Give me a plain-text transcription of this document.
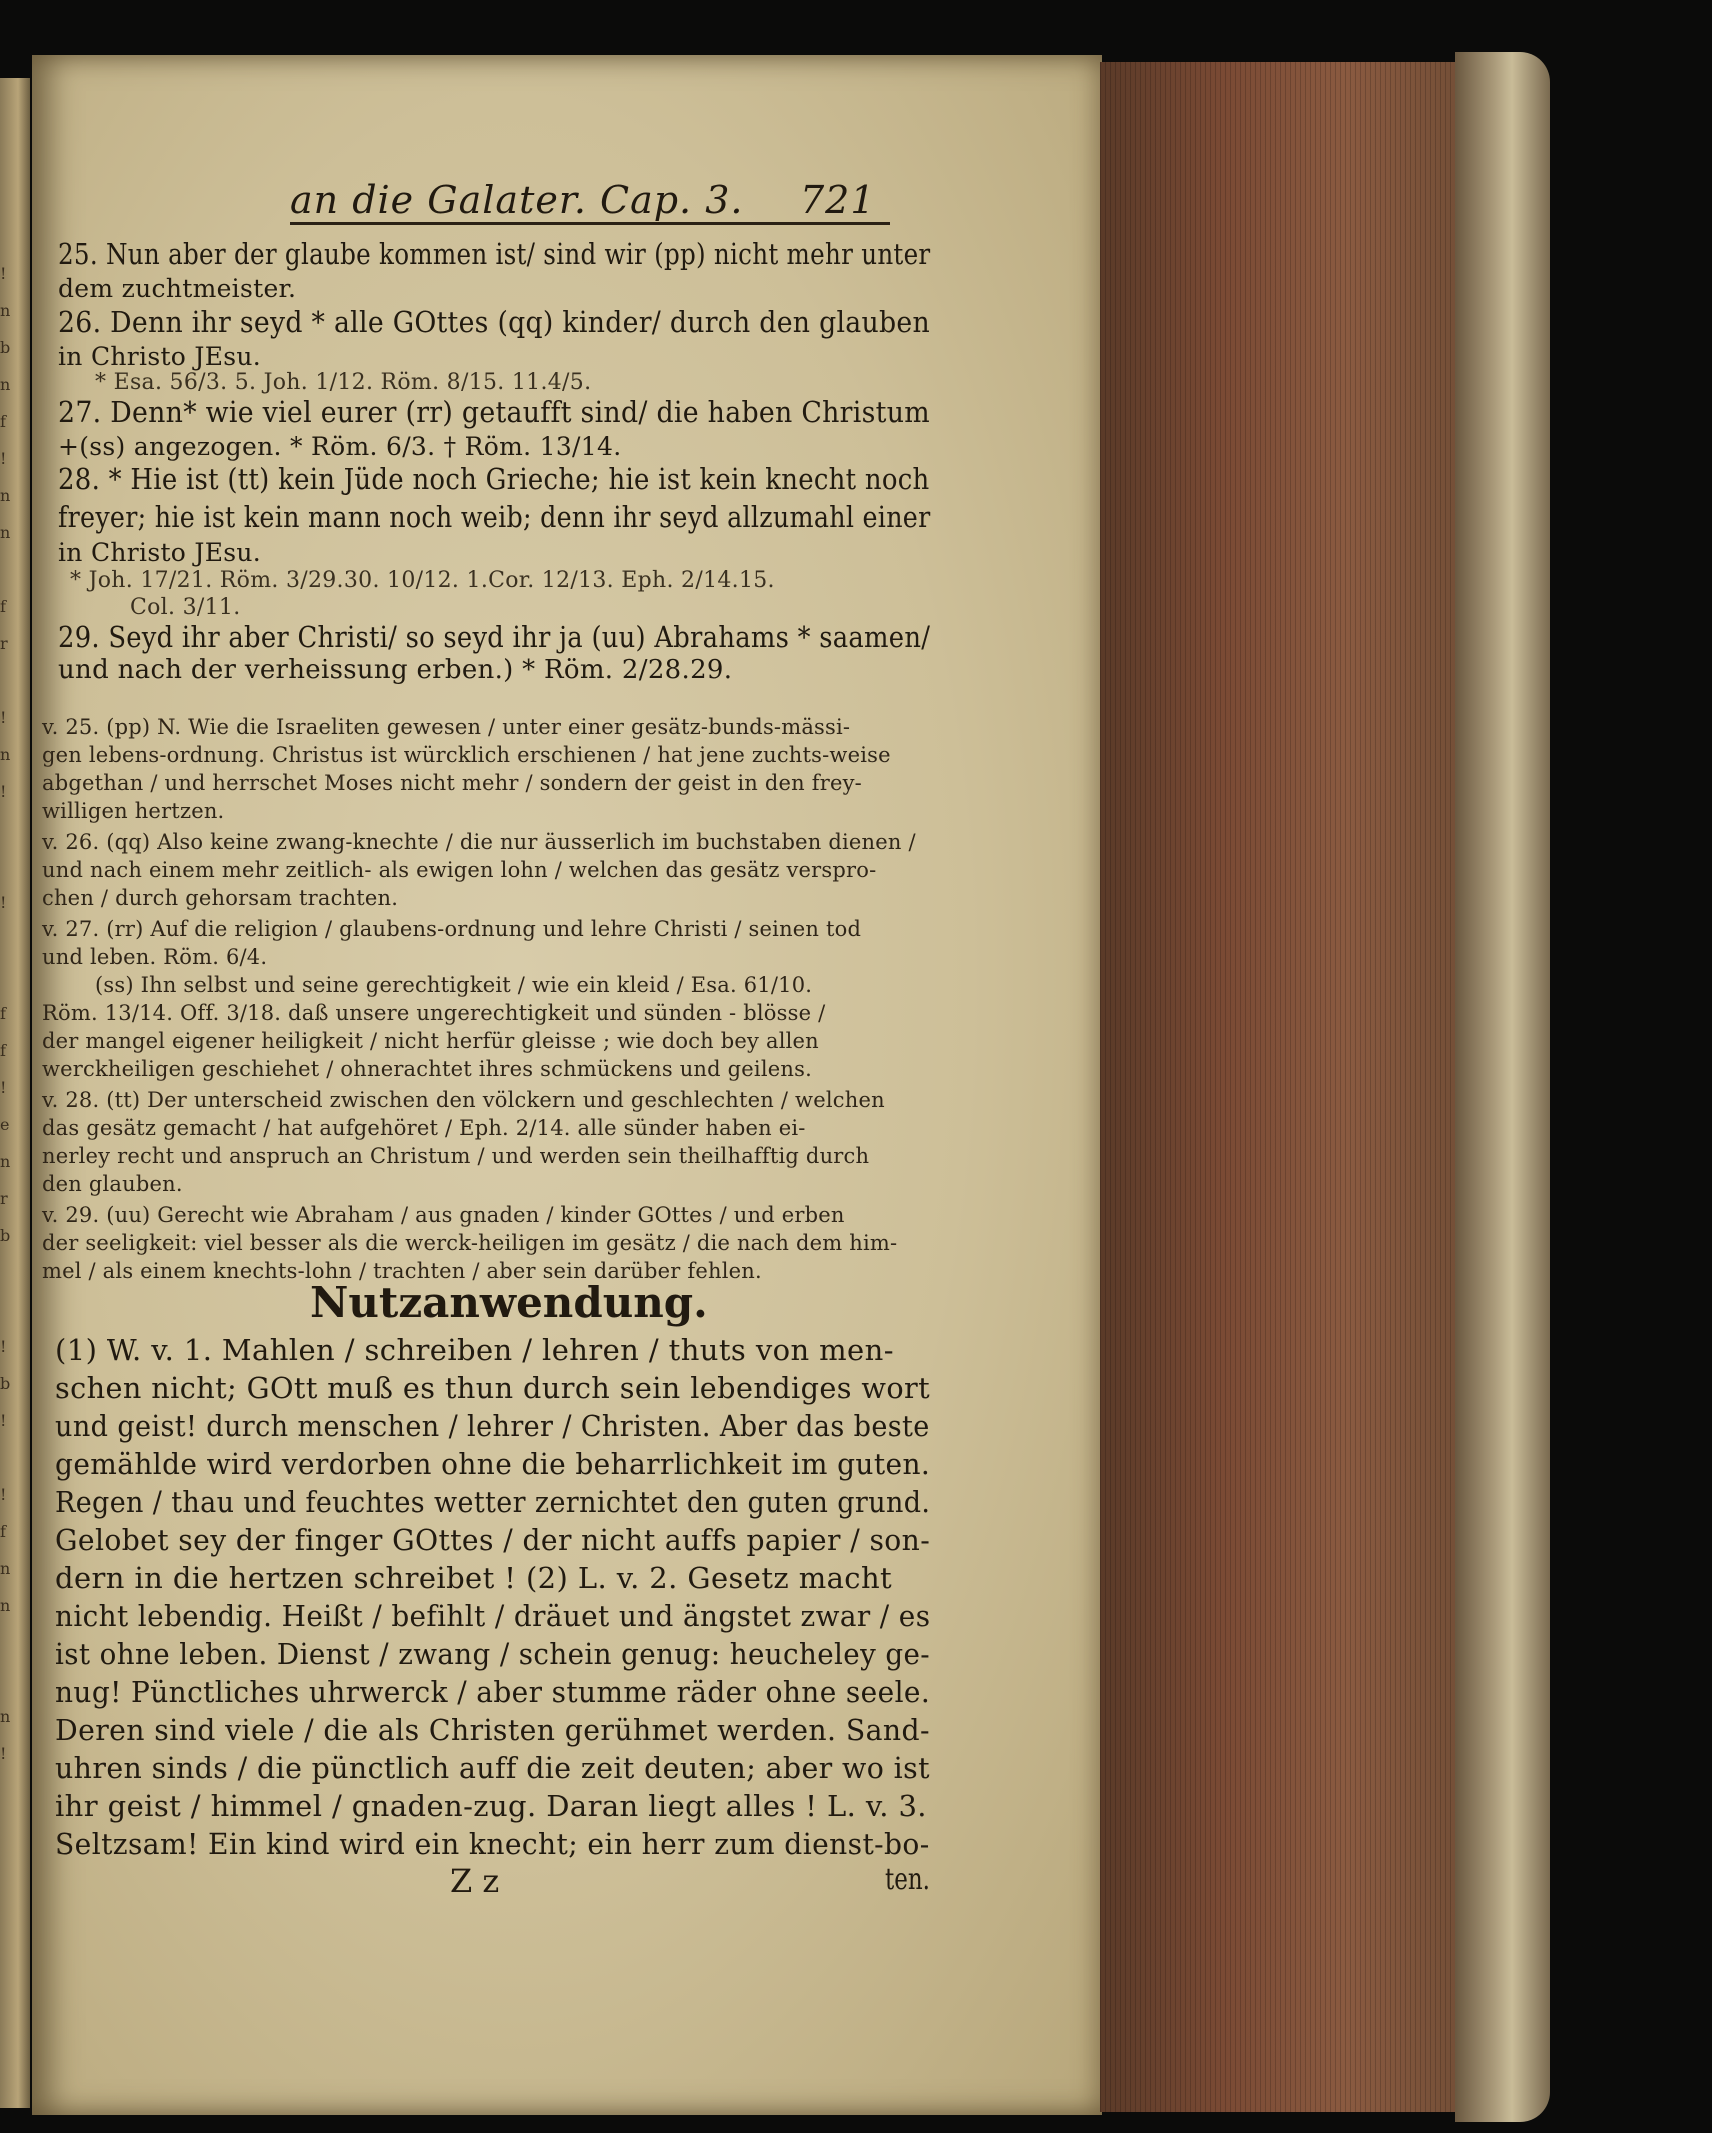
!
n
b
n
f
!
n
n

f
r

!
n
!

!

f
f
!
e
n
r
b

!
b
!

!
f
n
n

n
!

an die Galater. Cap. 3. 721
25. Nun aber der glaube kommen ist/ sind wir (pp) nicht mehr unter
dem zuchtmeister.
26. Denn ihr seyd * alle GOttes (qq) kinder/ durch den glauben
in Christo JEsu.
* Esa. 56/3. 5. Joh. 1/12. Röm. 8/15. 11.4/5.
27. Denn* wie viel eurer (rr) getaufft sind/ die haben Christum
+(ss) angezogen. * Röm. 6/3. † Röm. 13/14.
28. * Hie ist (tt) kein Jüde noch Grieche; hie ist kein knecht noch
freyer; hie ist kein mann noch weib; denn ihr seyd allzumahl einer
in Christo JEsu.
* Joh. 17/21. Röm. 3/29.30. 10/12. 1.Cor. 12/13. Eph. 2/14.15.
Col. 3/11.
29. Seyd ihr aber Christi/ so seyd ihr ja (uu) Abrahams * saamen/
und nach der verheissung erben.) * Röm. 2/28.29.
v. 25. (pp) N. Wie die Israeliten gewesen / unter einer gesätz-bunds-mässi-
gen lebens-ordnung. Christus ist würcklich erschienen / hat jene zuchts-weise
abgethan / und herrschet Moses nicht mehr / sondern der geist in den frey-
willigen hertzen.
v. 26. (qq) Also keine zwang-knechte / die nur äusserlich im buchstaben dienen /
und nach einem mehr zeitlich- als ewigen lohn / welchen das gesätz verspro-
chen / durch gehorsam trachten.
v. 27. (rr) Auf die religion / glaubens-ordnung und lehre Christi / seinen tod
und leben. Röm. 6/4.
(ss) Ihn selbst und seine gerechtigkeit / wie ein kleid / Esa. 61/10.
Röm. 13/14. Off. 3/18. daß unsere ungerechtigkeit und sünden - blösse /
der mangel eigener heiligkeit / nicht herfür gleisse ; wie doch bey allen
werckheiligen geschiehet / ohnerachtet ihres schmückens und geilens.
v. 28. (tt) Der unterscheid zwischen den völckern und geschlechten / welchen
das gesätz gemacht / hat aufgehöret / Eph. 2/14. alle sünder haben ei-
nerley recht und anspruch an Christum / und werden sein theilhafftig durch
den glauben.
v. 29. (uu) Gerecht wie Abraham / aus gnaden / kinder GOttes / und erben
der seeligkeit: viel besser als die werck-heiligen im gesätz / die nach dem him-
mel / als einem knechts-lohn / trachten / aber sein darüber fehlen.
Nutzanwendung.
(1) W. v. 1. Mahlen / schreiben / lehren / thuts von men-
schen nicht; GOtt muß es thun durch sein lebendiges wort
und geist! durch menschen / lehrer / Christen. Aber das beste
gemählde wird verdorben ohne die beharrlichkeit im guten.
Regen / thau und feuchtes wetter zernichtet den guten grund.
Gelobet sey der finger GOttes / der nicht auffs papier / son-
dern in die hertzen schreibet ! (2) L. v. 2. Gesetz macht
nicht lebendig. Heißt / befihlt / dräuet und ängstet zwar / es
ist ohne leben. Dienst / zwang / schein genug: heucheley ge-
nug! Pünctliches uhrwerck / aber stumme räder ohne seele.
Deren sind viele / die als Christen gerühmet werden. Sand-
uhren sinds / die pünctlich auff die zeit deuten; aber wo ist
ihr geist / himmel / gnaden-zug. Daran liegt alles ! L. v. 3.
Seltzsam! Ein kind wird ein knecht; ein herr zum dienst-bo-
Z z	ten.
